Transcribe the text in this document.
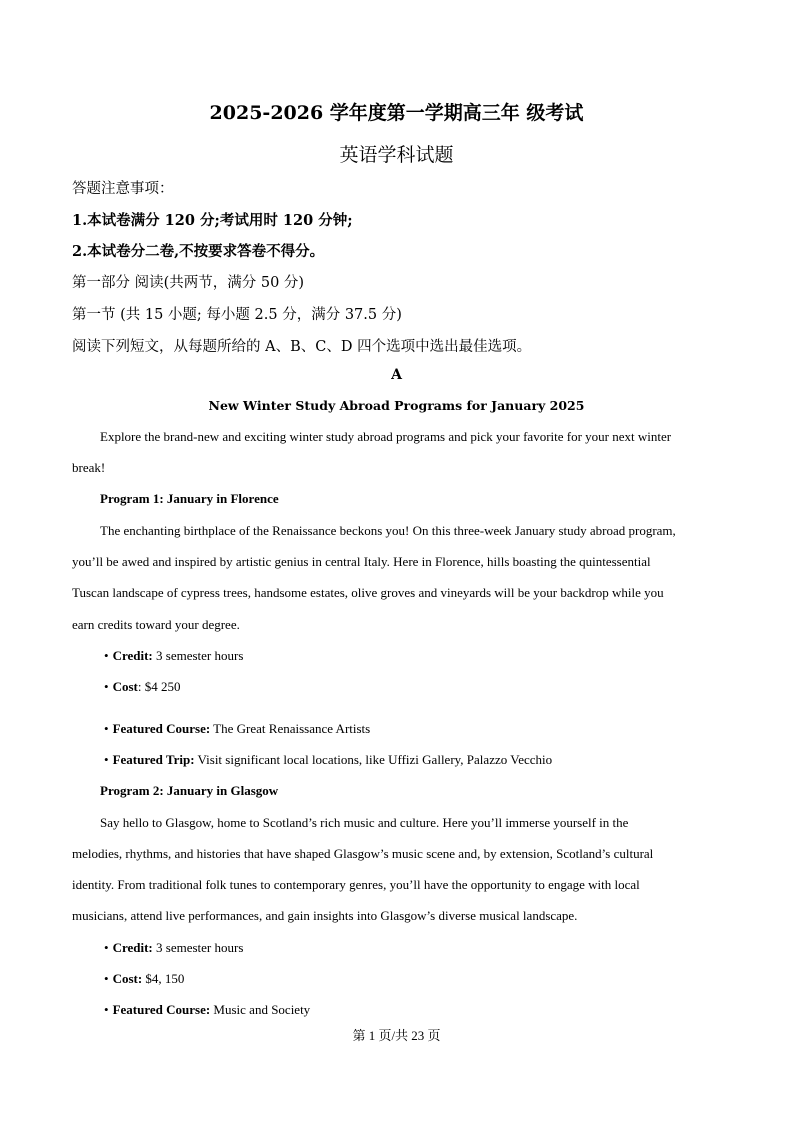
2025-2026 学年度第一学期高三年 级考试
英语学科试题
答题注意事项：
1.本试卷满分 120 分;考试用时 120 分钟;
2.本试卷分二卷,不按要求答卷不得分。
第一部分 阅读(共两节，满分 50 分)
第一节 (共 15 小题; 每小题 2.5 分，满分 37.5 分)
阅读下列短文，从每题所给的 A、B、C、D 四个选项中选出最佳选项。
A
New Winter Study Abroad Programs for January 2025
Explore the brand-new and exciting winter study abroad programs and pick your favorite for your next winter
break!
Program 1: January in Florence
The enchanting birthplace of the Renaissance beckons you! On this three-week January study abroad program,
you’ll be awed and inspired by artistic genius in central Italy. Here in Florence, hills boasting the quintessential
Tuscan landscape of cypress trees, handsome estates, olive groves and vineyards will be your backdrop while you
earn credits toward your degree.
• Credit: 3 semester hours
• Cost: $4 250
• Featured Course: The Great Renaissance Artists
• Featured Trip: Visit significant local locations, like Uffizi Gallery, Palazzo Vecchio
Program 2: January in Glasgow
Say hello to Glasgow, home to Scotland’s rich music and culture. Here you’ll immerse yourself in the
melodies, rhythms, and histories that have shaped Glasgow’s music scene and, by extension, Scotland’s cultural
identity. From traditional folk tunes to contemporary genres, you’ll have the opportunity to engage with local
musicians, attend live performances, and gain insights into Glasgow’s diverse musical landscape.
• Credit: 3 semester hours
• Cost: $4, 150
• Featured Course: Music and Society
第 1 页/共 23 页
